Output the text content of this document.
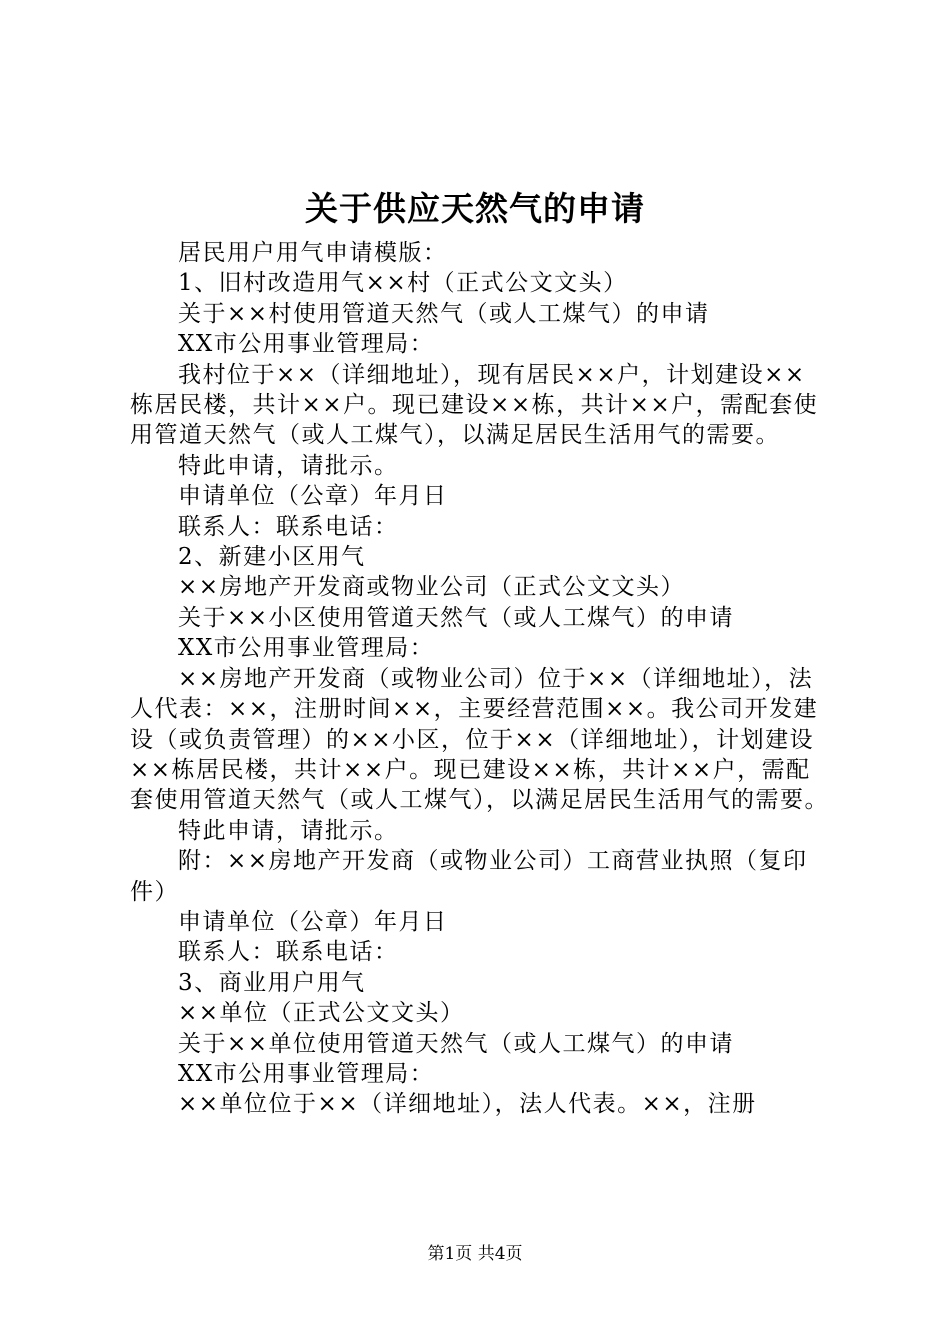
关于供应天然气的申请

居民用户用气申请模版：

1、旧村改造用气××村（正式公文文头）

关于××村使用管道天然气（或人工煤气）的申请

XX市公用事业管理局：

我村位于××（详细地址），现有居民××户，计划建设××栋居民楼，共计××户。现已建设××栋，共计××户，需配套使用管道天然气（或人工煤气），以满足居民生活用气的需要。

特此申请，请批示。

申请单位（公章）年月日

联系人：联系电话：

2、新建小区用气

××房地产开发商或物业公司（正式公文文头）

关于××小区使用管道天然气（或人工煤气）的申请

XX市公用事业管理局：

××房地产开发商（或物业公司）位于××（详细地址），法人代表：××，注册时间××，主要经营范围××。我公司开发建设（或负责管理）的××小区，位于××（详细地址），计划建设××栋居民楼，共计××户。现已建设××栋，共计××户，需配套使用管道天然气（或人工煤气），以满足居民生活用气的需要。

特此申请，请批示。

附：××房地产开发商（或物业公司）工商营业执照（复印件）

申请单位（公章）年月日

联系人：联系电话：

3、商业用户用气

××单位（正式公文文头）

关于××单位使用管道天然气（或人工煤气）的申请

XX市公用事业管理局：

××单位位于××（详细地址），法人代表。××，注册

第1页 共4页
